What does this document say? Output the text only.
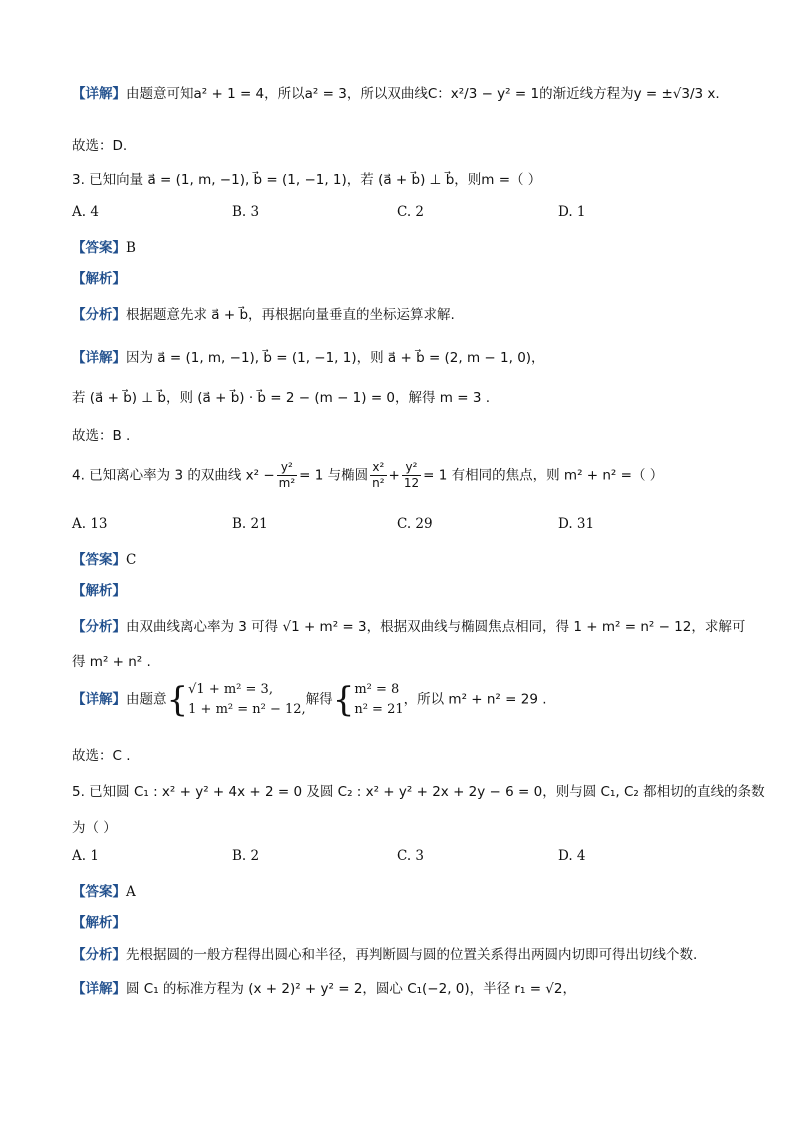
【详解】由题意可知a² + 1 = 4，所以a² = 3，所以双曲线C：x²/3 − y² = 1的渐近线方程为y = ±√3/3 x.
故选：D.
3. 已知向量 a⃗ = (1, m, −1), b⃗ = (1, −1, 1)，若 (a⃗ + b⃗) ⊥ b⃗，则m =（ ）
A. 4	B. 3	C. 2	D. 1
【答案】B
【解析】
【分析】根据题意先求 a⃗ + b⃗，再根据向量垂直的坐标运算求解.
【详解】因为 a⃗ = (1, m, −1), b⃗ = (1, −1, 1)，则 a⃗ + b⃗ = (2, m − 1, 0)，
若 (a⃗ + b⃗) ⊥ b⃗，则 (a⃗ + b⃗) · b⃗ = 2 − (m − 1) = 0，解得 m = 3 .
故选：B .
4. 已知离心率为 3 的双曲线 $x^2 - \frac{\text{y²}}{\text{m²}} = 1$ 与椭圆 $\frac{\text{x²}}{\text{n²}} + \frac{\text{y²}}{12} = 1$ 有相同的焦点，则 m² + n² =（ ）
A. 13	B. 21	C. 29	D. 31
【答案】C
【解析】
【分析】由双曲线离心率为 3 可得 √1 + m² = 3，根据双曲线与椭圆焦点相同，得 1 + m² = n² − 12，求解可
得 m² + n² .
【详解】由题意{ √1 + m² = 3,
1 + m² = n² − 12,
解得{ m² = 8
n² = 21
，所以 m² + n² = 29 .
故选：C .
5. 已知圆 C₁ : x² + y² + 4x + 2 = 0 及圆 C₂ : x² + y² + 2x + 2y − 6 = 0，则与圆 C₁, C₂ 都相切的直线的条数
为（ ）
A. 1	B. 2	C. 3	D. 4
【答案】A
【解析】
【分析】先根据圆的一般方程得出圆心和半径，再判断圆与圆的位置关系得出两圆内切即可得出切线个数.
【详解】圆 C₁ 的标准方程为 (x + 2)² + y² = 2，圆心 C₁(−2, 0)，半径 r₁ = √2，
